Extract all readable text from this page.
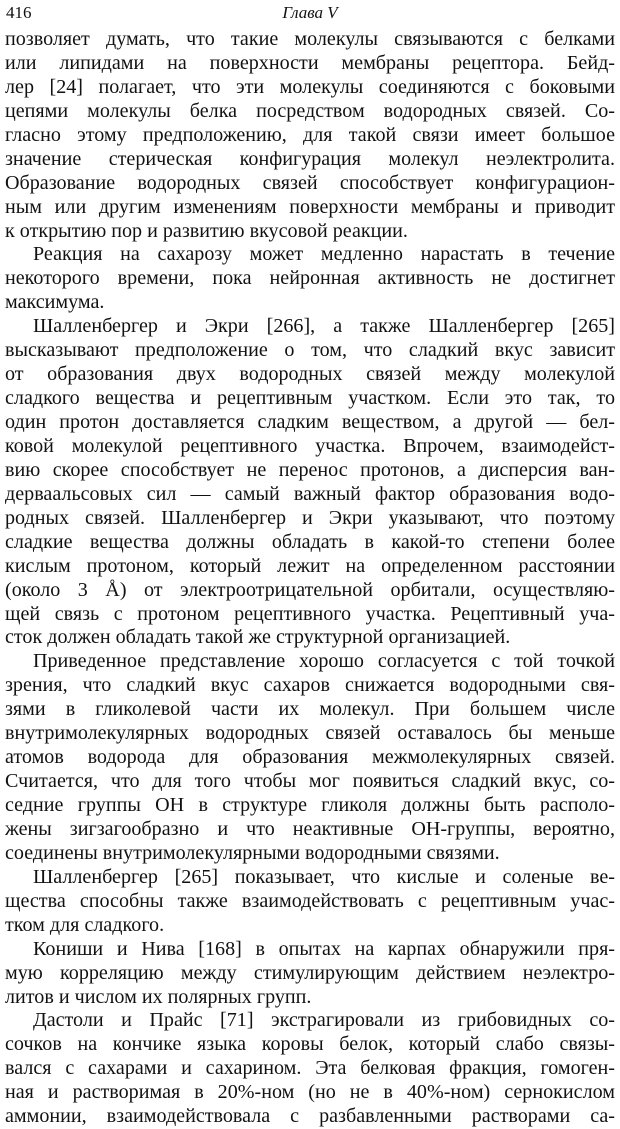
416	Глава V
позволяет думать, что такие молекулы связываются с белками
или липидами на поверхности мембраны рецептора. Бейд-
лер [24] полагает, что эти молекулы соединяются с боковыми
цепями молекулы белка посредством водородных связей. Со-
гласно этому предположению, для такой связи имеет большое
значение стерическая конфигурация молекул неэлектролита.
Образование водородных связей способствует конфигурацион-
ным или другим изменениям поверхности мембраны и приводит
к открытию пор и развитию вкусовой реакции.
Реакция на сахарозу может медленно нарастать в течение
некоторого времени, пока нейронная активность не достигнет
максимума.
Шалленбергер и Экри [266], а также Шалленбергер [265]
высказывают предположение о том, что сладкий вкус зависит
от образования двух водородных связей между молекулой
сладкого вещества и рецептивным участком. Если это так, то
один протон доставляется сладким веществом, а другой — бел-
ковой молекулой рецептивного участка. Впрочем, взаимодейст-
вию скорее способствует не перенос протонов, а дисперсия ван-
дерваальсовых сил — самый важный фактор образования водо-
родных связей. Шалленбергер и Экри указывают, что поэтому
сладкие вещества должны обладать в какой-то степени более
кислым протоном, который лежит на определенном расстоянии
(около 3 Å) от электроотрицательной орбитали, осуществляю-
щей связь с протоном рецептивного участка. Рецептивный уча-
сток должен обладать такой же структурной организацией.
Приведенное представление хорошо согласуется с той точкой
зрения, что сладкий вкус сахаров снижается водородными свя-
зями в гликолевой части их молекул. При большем числе
внутримолекулярных водородных связей оставалось бы меньше
атомов водорода для образования межмолекулярных связей.
Считается, что для того чтобы мог появиться сладкий вкус, со-
седние группы ОН в структуре гликоля должны быть располо-
жены зигзагообразно и что неактивные ОН-группы, вероятно,
соединены внутримолекулярными водородными связями.
Шалленбергер [265] показывает, что кислые и соленые ве-
щества способны также взаимодействовать с рецептивным учас-
тком для сладкого.
Кониши и Нива [168] в опытах на карпах обнаружили пря-
мую корреляцию между стимулирующим действием неэлектро-
литов и числом их полярных групп.
Дастоли и Прайс [71] экстрагировали из грибовидных со-
сочков на кончике языка коровы белок, который слабо связы-
вался с сахарами и сахарином. Эта белковая фракция, гомоген-
ная и растворимая в 20%-ном (но не в 40%-ном) сернокислом
аммонии, взаимодействовала с разбавленными растворами са-
